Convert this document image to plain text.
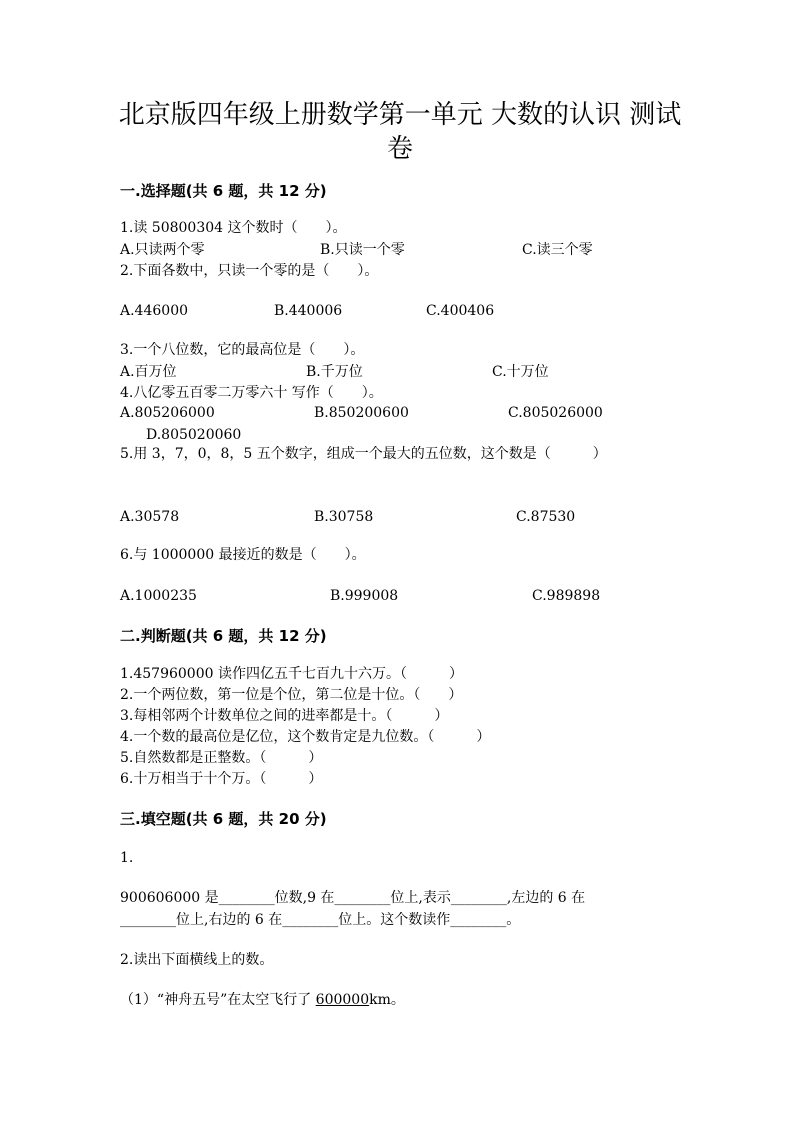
北京版四年级上册数学第一单元 大数的认识 测试
卷
一.选择题(共 6 题，共 12 分)
1.读 50800304 这个数时（　　）。
A.只读两个零	B.只读一个零	C.读三个零
2.下面各数中，只读一个零的是（　　）。
A.446000	B.440006	C.400406
3.一个八位数，它的最高位是（　　）。
A.百万位	B.千万位	C.十万位
4.八亿零五百零二万零六十 写作（　　）。
A.805206000	B.850200600	C.805026000
D.805020060
5.用 3，7，0，8，5 五个数字，组成一个最大的五位数，这个数是（　　　）
A.30578	B.30758	C.87530
6.与 1000000 最接近的数是（　　）。
A.1000235	B.999008	C.989898
二.判断题(共 6 题，共 12 分)
1.457960000 读作四亿五千七百九十六万。（　　　）
2.一个两位数，第一位是个位，第二位是十位。（　　）
3.每相邻两个计数单位之间的进率都是十。（　　　）
4.一个数的最高位是亿位，这个数肯定是九位数。（　　　）
5.自然数都是正整数。（　　　）
6.十万相当于十个万。（　　　）
三.填空题(共 6 题，共 20 分)
1.
900606000 是________位数,9 在________位上,表示________,左边的 6 在
________位上,右边的 6 在________位上。这个数读作________。
2.读出下面横线上的数。
（1）“神舟五号”在太空飞行了 600000km。
